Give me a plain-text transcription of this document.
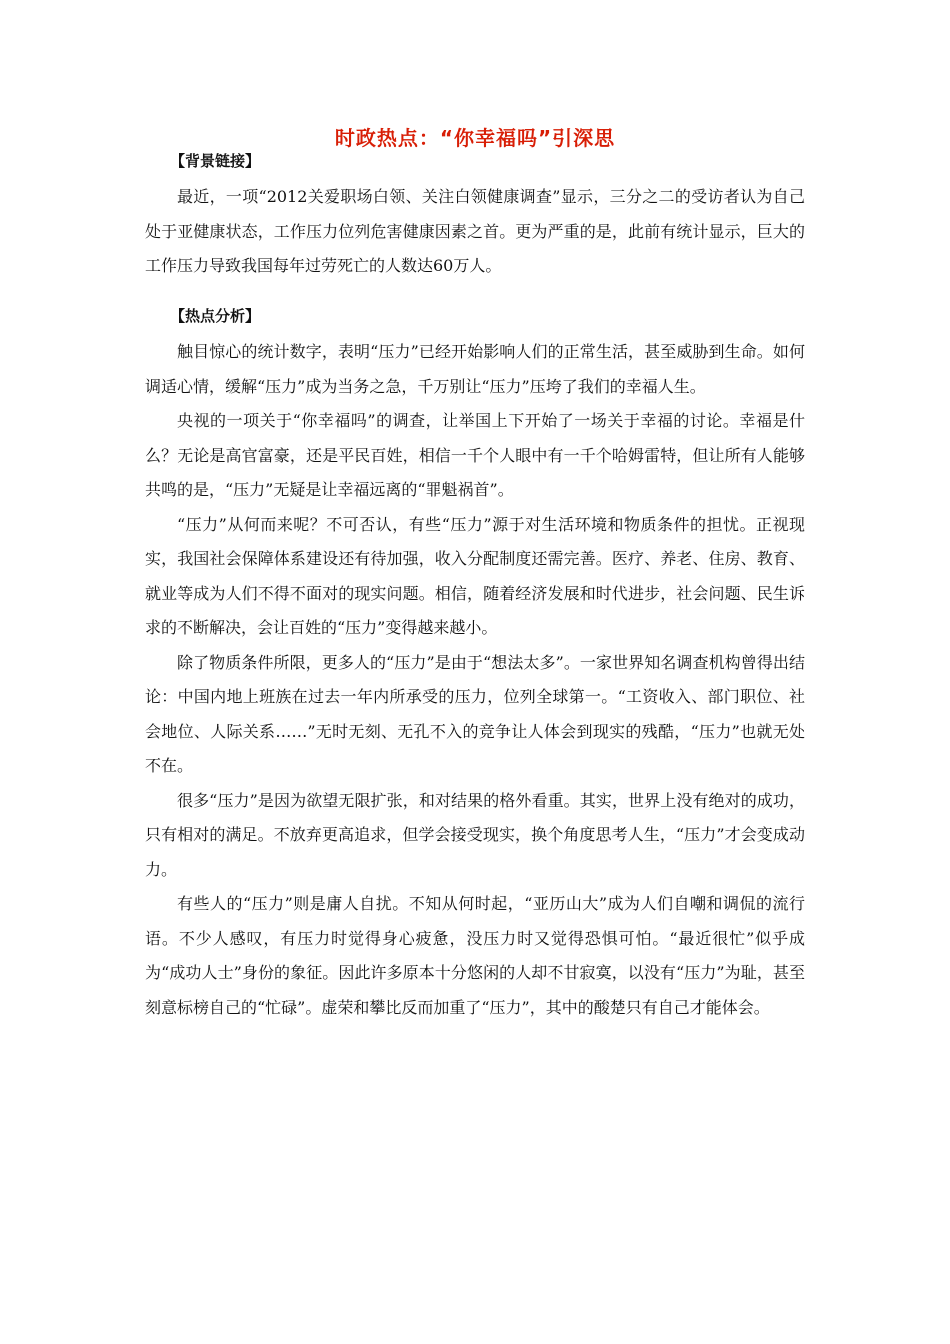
时政热点：“你幸福吗”引深思
【背景链接】

最近，一项“2012关爱职场白领、关注白领健康调查”显示，三分之二的受访者认为自己处于亚健康状态，工作压力位列危害健康因素之首。更为严重的是，此前有统计显示，巨大的工作压力导致我国每年过劳死亡的人数达60万人。

【热点分析】

触目惊心的统计数字，表明“压力”已经开始影响人们的正常生活，甚至威胁到生命。如何调适心情，缓解“压力”成为当务之急，千万别让“压力”压垮了我们的幸福人生。

央视的一项关于“你幸福吗”的调查，让举国上下开始了一场关于幸福的讨论。幸福是什么？无论是高官富豪，还是平民百姓，相信一千个人眼中有一千个哈姆雷特，但让所有人能够共鸣的是，“压力”无疑是让幸福远离的“罪魁祸首”。

“压力”从何而来呢？不可否认，有些“压力”源于对生活环境和物质条件的担忧。正视现实，我国社会保障体系建设还有待加强，收入分配制度还需完善。医疗、养老、住房、教育、就业等成为人们不得不面对的现实问题。相信，随着经济发展和时代进步，社会问题、民生诉求的不断解决，会让百姓的“压力”变得越来越小。

除了物质条件所限，更多人的“压力”是由于“想法太多”。一家世界知名调查机构曾得出结论：中国内地上班族在过去一年内所承受的压力，位列全球第一。“工资收入、部门职位、社会地位、人际关系……”无时无刻、无孔不入的竞争让人体会到现实的残酷，“压力”也就无处不在。

很多“压力”是因为欲望无限扩张，和对结果的格外看重。其实，世界上没有绝对的成功，只有相对的满足。不放弃更高追求，但学会接受现实，换个角度思考人生，“压力”才会变成动力。

有些人的“压力”则是庸人自扰。不知从何时起，“亚历山大”成为人们自嘲和调侃的流行语。不少人感叹，有压力时觉得身心疲惫，没压力时又觉得恐惧可怕。“最近很忙”似乎成为“成功人士”身份的象征。因此许多原本十分悠闲的人却不甘寂寞，以没有“压力”为耻，甚至刻意标榜自己的“忙碌”。虚荣和攀比反而加重了“压力”，其中的酸楚只有自己才能体会。
